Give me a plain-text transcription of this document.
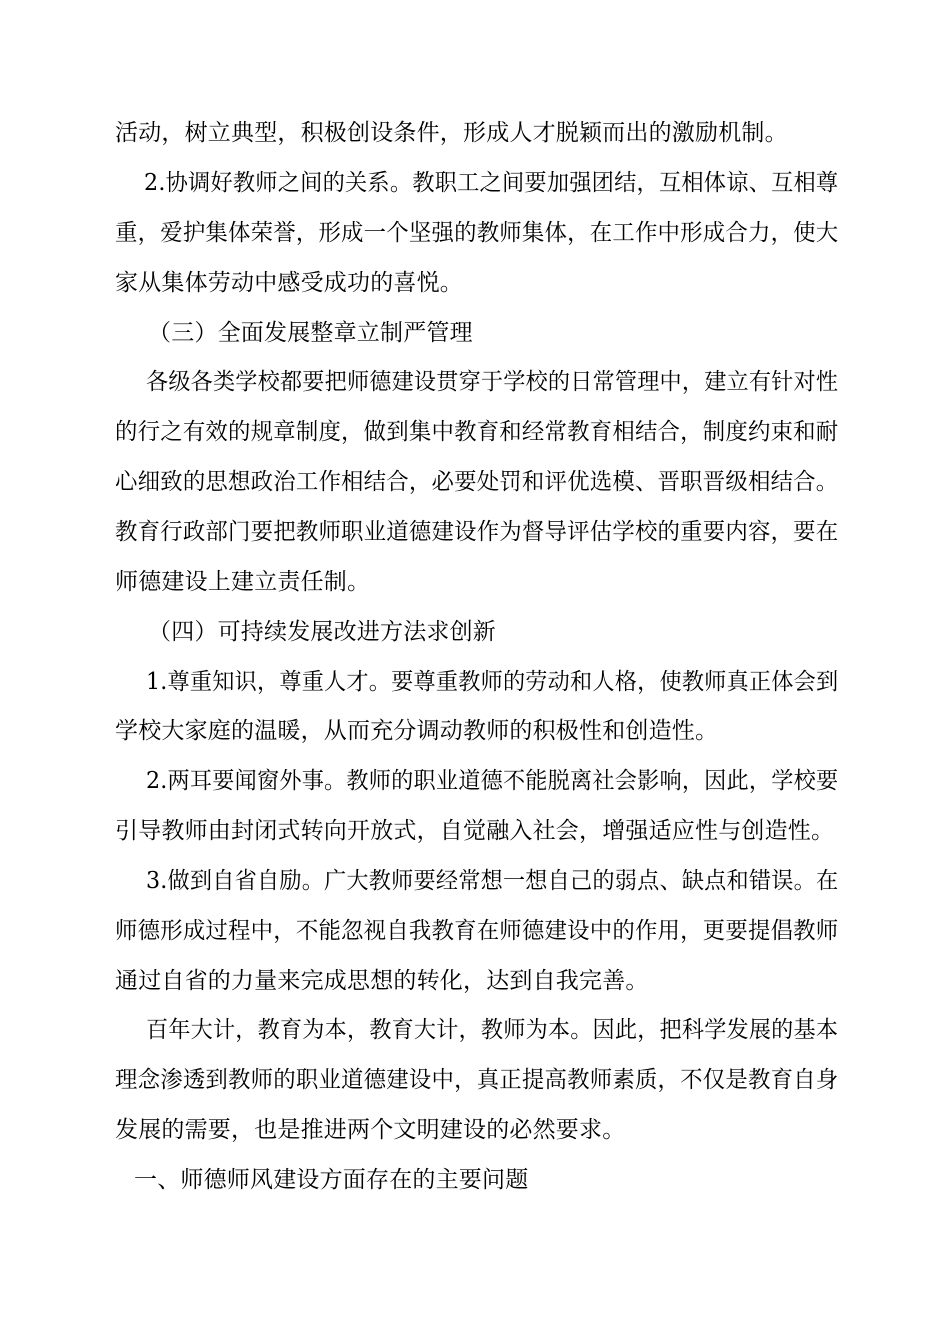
活动，树立典型，积极创设条件，形成人才脱颖而出的激励机制。

2.协调好教师之间的关系。教职工之间要加强团结，互相体谅、互相尊

重，爱护集体荣誉，形成一个坚强的教师集体，在工作中形成合力，使大

家从集体劳动中感受成功的喜悦。

（三）全面发展整章立制严管理

各级各类学校都要把师德建设贯穿于学校的日常管理中，建立有针对性

的行之有效的规章制度，做到集中教育和经常教育相结合，制度约束和耐

心细致的思想政治工作相结合，必要处罚和评优选模、晋职晋级相结合。

教育行政部门要把教师职业道德建设作为督导评估学校的重要内容，要在

师德建设上建立责任制。

（四）可持续发展改进方法求创新

1.尊重知识，尊重人才。要尊重教师的劳动和人格，使教师真正体会到

学校大家庭的温暖，从而充分调动教师的积极性和创造性。

2.两耳要闻窗外事。教师的职业道德不能脱离社会影响，因此，学校要

引导教师由封闭式转向开放式，自觉融入社会，增强适应性与创造性。

3.做到自省自励。广大教师要经常想一想自己的弱点、缺点和错误。在

师德形成过程中，不能忽视自我教育在师德建设中的作用，更要提倡教师

通过自省的力量来完成思想的转化，达到自我完善。

百年大计，教育为本，教育大计，教师为本。因此，把科学发展的基本

理念渗透到教师的职业道德建设中，真正提高教师素质，不仅是教育自身

发展的需要，也是推进两个文明建设的必然要求。

一、师德师风建设方面存在的主要问题
